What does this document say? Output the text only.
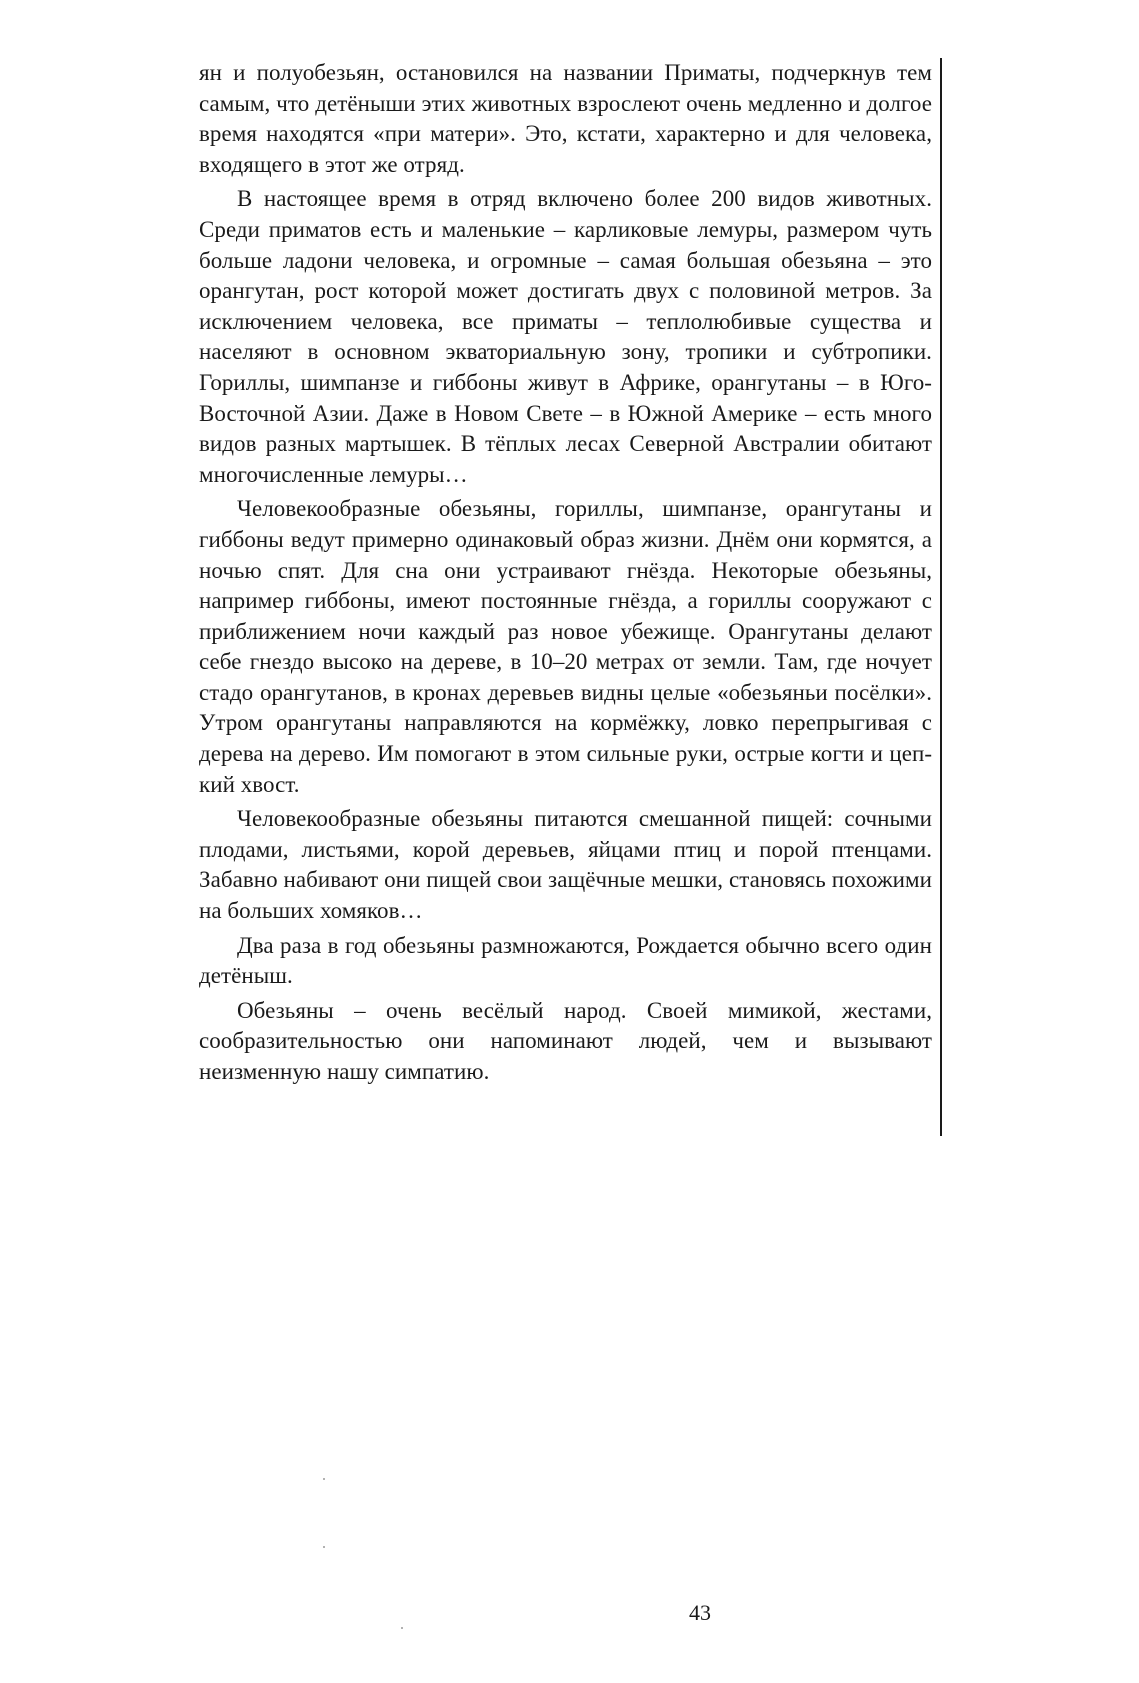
ян и полуобезьян, остановился на названии Приматы, подчеркнув тем самым, что детёныши этих животных взрослеют очень медленно и долгое время находятся «при матери». Это, кстати, характерно и для человека, входящего в этот же отряд.

В настоящее время в отряд включено более 200 видов животных. Среди приматов есть и маленькие – карликовые лемуры, размером чуть больше ладони человека, и огромные – самая большая обезьяна – это орангутан, рост которой может достигать двух с половиной метров. За исключением человека, все приматы – теплолюбивые существа и населяют в основном экваториальную зону, тропики и субтропики. Гориллы, шимпанзе и гиббоны живут в Африке, орангутаны – в Юго-Восточной Азии. Даже в Новом Свете – в Южной Америке – есть много видов разных мартышек. В тёплых лесах Северной Австралии обитают многочисленные лемуры…

Человекообразные обезьяны, гориллы, шимпанзе, орангутаны и гиббоны ведут примерно одинаковый образ жизни. Днём они кормятся, а ночью спят. Для сна они устраивают гнёзда. Некоторые обезьяны, например гиббоны, имеют постоянные гнёзда, а гориллы сооружают с приближением ночи каждый раз новое убежище. Орангутаны делают себе гнездо высоко на дереве, в 10–20 метрах от земли. Там, где ночует стадо орангутанов, в кронах деревьев видны целые «обезьяньи посёлки». Утром орангутаны направляются на кормёжку, ловко перепрыгивая с дерева на дерево. Им помогают в этом сильные руки, острые когти и цепкий хвост.

Человекообразные обезьяны питаются смешанной пищей: сочными плодами, листьями, корой деревьев, яйцами птиц и порой птенцами. Забавно набивают они пищей свои защёчные мешки, становясь похожими на больших хомяков…

Два раза в год обезьяны размножаются, Рождается обычно всего один детёныш.

Обезьяны – очень весёлый народ. Своей мимикой, жестами, сообразительностью они напоминают людей, чем и вызывают неизменную нашу симпатию.

43
